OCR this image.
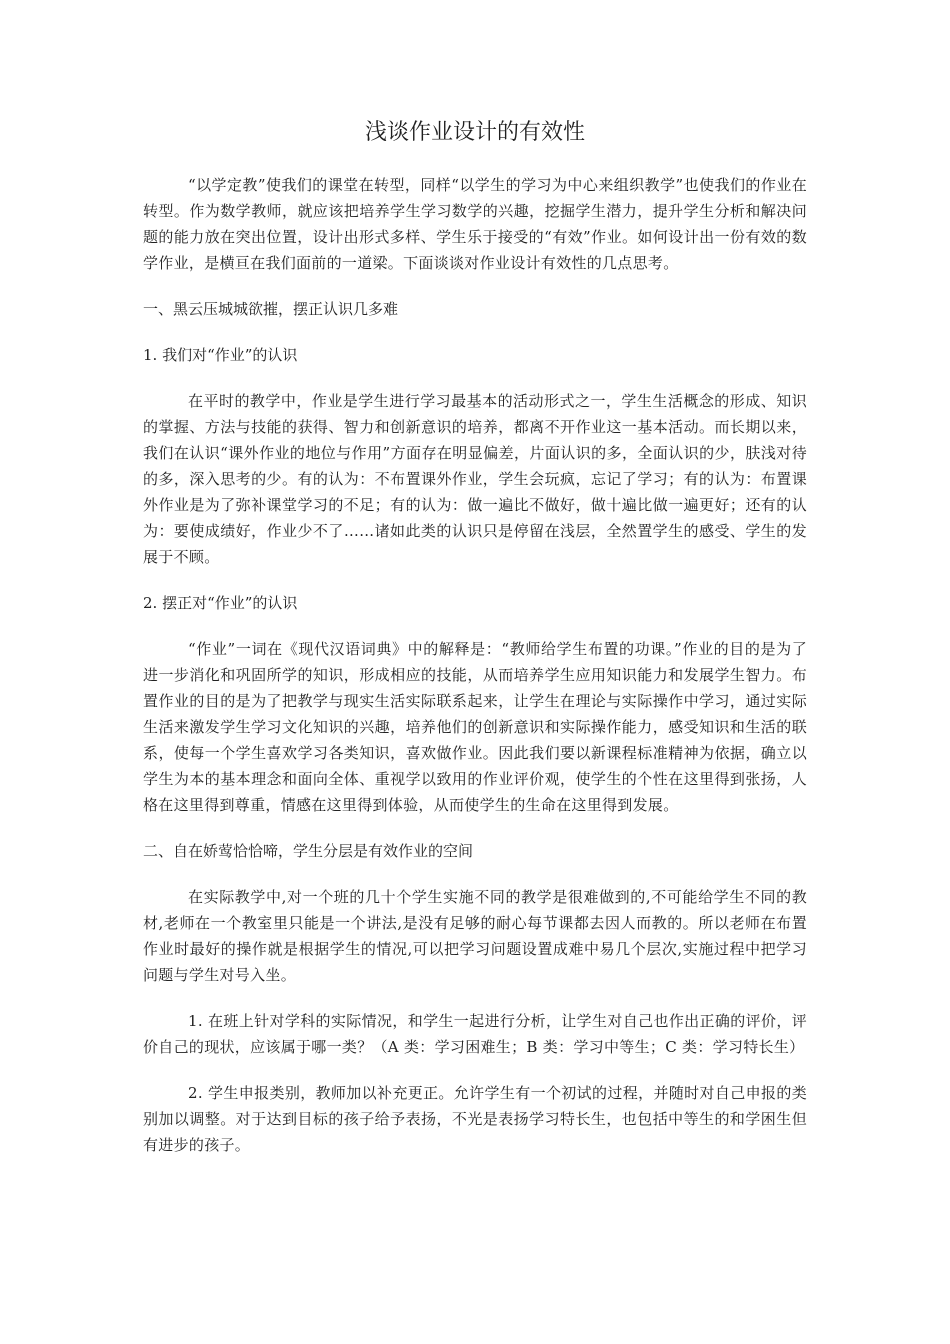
浅谈作业设计的有效性

“以学定教”使我们的课堂在转型，同样“以学生的学习为中心来组织教学”也使我们的作业在转型。作为数学教师，就应该把培养学生学习数学的兴趣，挖掘学生潜力，提升学生分析和解决问题的能力放在突出位置，设计出形式多样、学生乐于接受的“有效”作业。如何设计出一份有效的数学作业，是横亘在我们面前的一道梁。下面谈谈对作业设计有效性的几点思考。

一、黑云压城城欲摧，摆正认识几多难

1. 我们对“作业”的认识

在平时的教学中，作业是学生进行学习最基本的活动形式之一，学生生活概念的形成、知识的掌握、方法与技能的获得、智力和创新意识的培养，都离不开作业这一基本活动。而长期以来，我们在认识“课外作业的地位与作用”方面存在明显偏差，片面认识的多，全面认识的少，肤浅对待的多，深入思考的少。有的认为：不布置课外作业，学生会玩疯，忘记了学习；有的认为：布置课外作业是为了弥补课堂学习的不足；有的认为：做一遍比不做好，做十遍比做一遍更好；还有的认为：要使成绩好，作业少不了……诸如此类的认识只是停留在浅层，全然置学生的感受、学生的发展于不顾。

2. 摆正对“作业”的认识

“作业”一词在《现代汉语词典》中的解释是：“教师给学生布置的功课。”作业的目的是为了进一步消化和巩固所学的知识，形成相应的技能，从而培养学生应用知识能力和发展学生智力。布置作业的目的是为了把教学与现实生活实际联系起来，让学生在理论与实际操作中学习，通过实际生活来激发学生学习文化知识的兴趣，培养他们的创新意识和实际操作能力，感受知识和生活的联系，使每一个学生喜欢学习各类知识，喜欢做作业。因此我们要以新课程标准精神为依据，确立以学生为本的基本理念和面向全体、重视学以致用的作业评价观，使学生的个性在这里得到张扬，人格在这里得到尊重，情感在这里得到体验，从而使学生的生命在这里得到发展。

二、自在娇莺恰恰啼，学生分层是有效作业的空间

在实际教学中,对一个班的几十个学生实施不同的教学是很难做到的,不可能给学生不同的教材,老师在一个教室里只能是一个讲法,是没有足够的耐心每节课都去因人而教的。所以老师在布置作业时最好的操作就是根据学生的情况,可以把学习问题设置成难中易几个层次,实施过程中把学习问题与学生对号入坐。

1. 在班上针对学科的实际情况，和学生一起进行分析，让学生对自己也作出正确的评价，评价自己的现状，应该属于哪一类？（A 类：学习困难生；B 类：学习中等生；C 类：学习特长生）

2. 学生申报类别，教师加以补充更正。允许学生有一个初试的过程，并随时对自己申报的类别加以调整。对于达到目标的孩子给予表扬，不光是表扬学习特长生，也包括中等生的和学困生但有进步的孩子。
